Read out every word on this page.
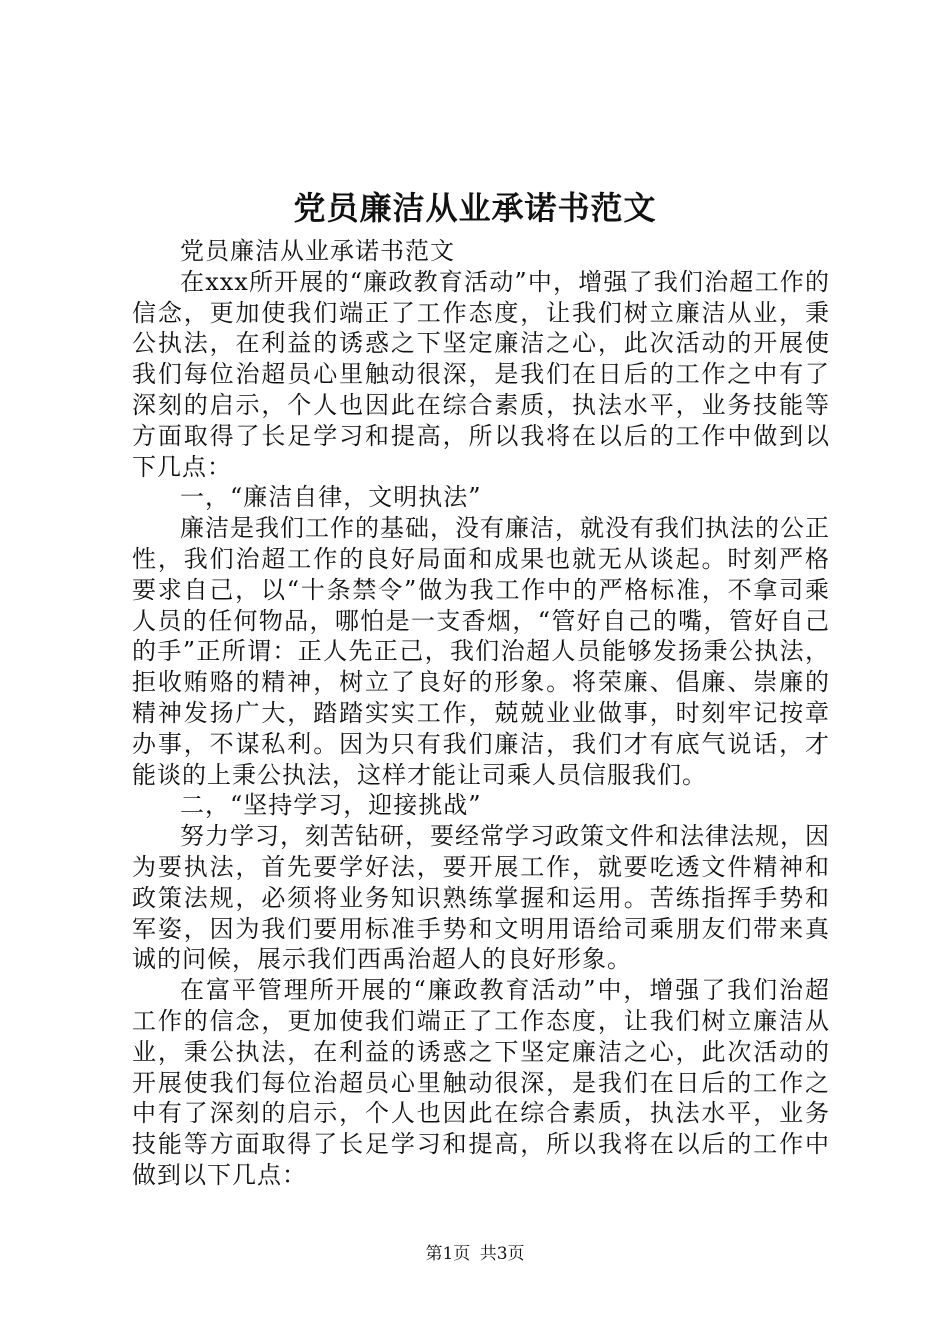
党员廉洁从业承诺书范文

党员廉洁从业承诺书范文

在xxx所开展的“廉政教育活动”中，增强了我们治超工作的信念，更加使我们端正了工作态度，让我们树立廉洁从业，秉公执法，在利益的诱惑之下坚定廉洁之心，此次活动的开展使我们每位治超员心里触动很深，是我们在日后的工作之中有了深刻的启示，个人也因此在综合素质，执法水平，业务技能等方面取得了长足学习和提高，所以我将在以后的工作中做到以下几点：

一，“廉洁自律，文明执法”

廉洁是我们工作的基础，没有廉洁，就没有我们执法的公正性，我们治超工作的良好局面和成果也就无从谈起。时刻严格要求自己，以“十条禁令”做为我工作中的严格标准，不拿司乘人员的任何物品，哪怕是一支香烟，“管好自己的嘴，管好自己的手”正所谓：正人先正己，我们治超人员能够发扬秉公执法，拒收贿赂的精神，树立了良好的形象。将荣廉、倡廉、崇廉的精神发扬广大，踏踏实实工作，兢兢业业做事，时刻牢记按章办事，不谋私利。因为只有我们廉洁，我们才有底气说话，才能谈的上秉公执法，这样才能让司乘人员信服我们。

二，“坚持学习，迎接挑战”

努力学习，刻苦钻研，要经常学习政策文件和法律法规，因为要执法，首先要学好法，要开展工作，就要吃透文件精神和政策法规，必须将业务知识熟练掌握和运用。苦练指挥手势和军姿，因为我们要用标准手势和文明用语给司乘朋友们带来真诚的问候，展示我们西禹治超人的良好形象。

在富平管理所开展的“廉政教育活动”中，增强了我们治超工作的信念，更加使我们端正了工作态度，让我们树立廉洁从业，秉公执法，在利益的诱惑之下坚定廉洁之心，此次活动的开展使我们每位治超员心里触动很深，是我们在日后的工作之中有了深刻的启示，个人也因此在综合素质，执法水平，业务技能等方面取得了长足学习和提高，所以我将在以后的工作中做到以下几点：

第1页 共3页
